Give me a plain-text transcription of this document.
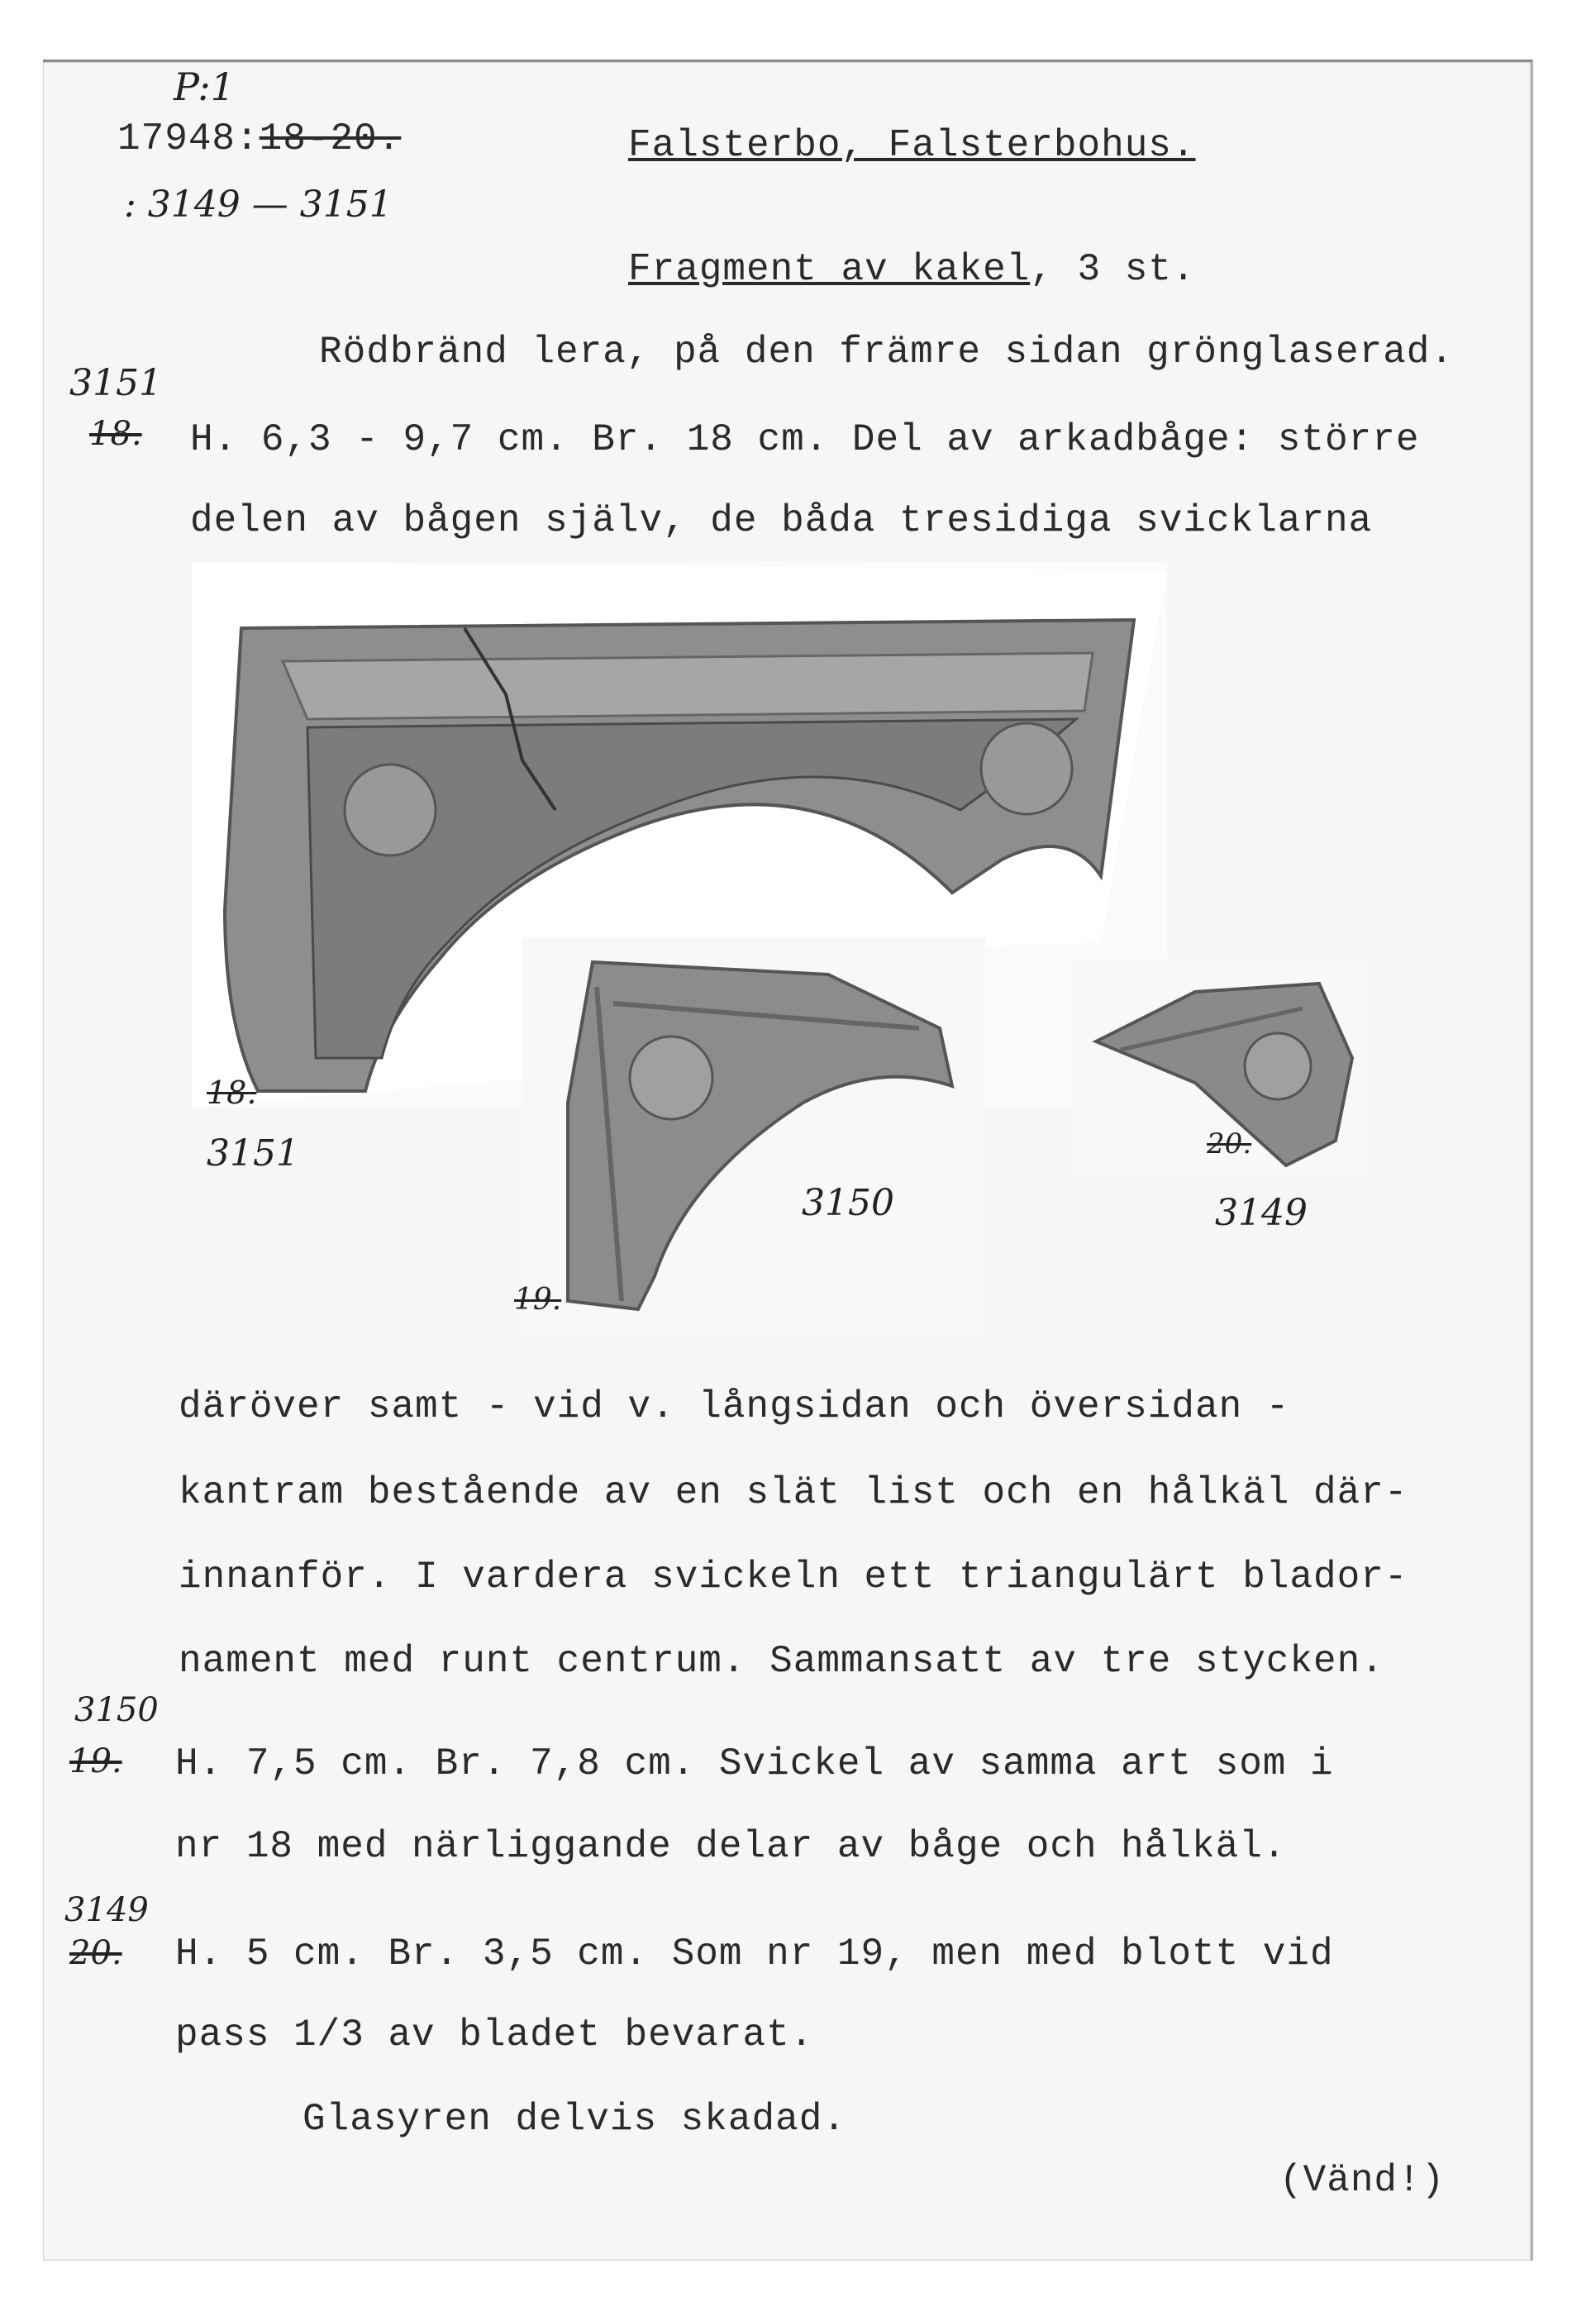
P:1
17948:18-20.
: 3149 — 3151
Falsterbo, Falsterbohus.
Fragment av kakel, 3 st.
Rödbränd lera, på den främre sidan grönglaserad.
3151
18. H. 6,3 - 9,7 cm. Br. 18 cm. Del av arkadbåge: större
delen av bågen själv, de båda tresidiga svicklarna
18.
3151
19.
3150
20.
3149
däröver samt - vid v. långsidan och översidan -
kantram bestående av en slät list och en hålkäl där-
innanför. I vardera svickeln ett triangulärt blador-
nament med runt centrum. Sammansatt av tre stycken.
3150
19. H. 7,5 cm. Br. 7,8 cm. Svickel av samma art som i
nr 18 med närliggande delar av båge och hålkäl.
3149
20. H. 5 cm. Br. 3,5 cm. Som nr 19, men med blott vid
pass 1/3 av bladet bevarat.
Glasyren delvis skadad.
(Vänd!)
